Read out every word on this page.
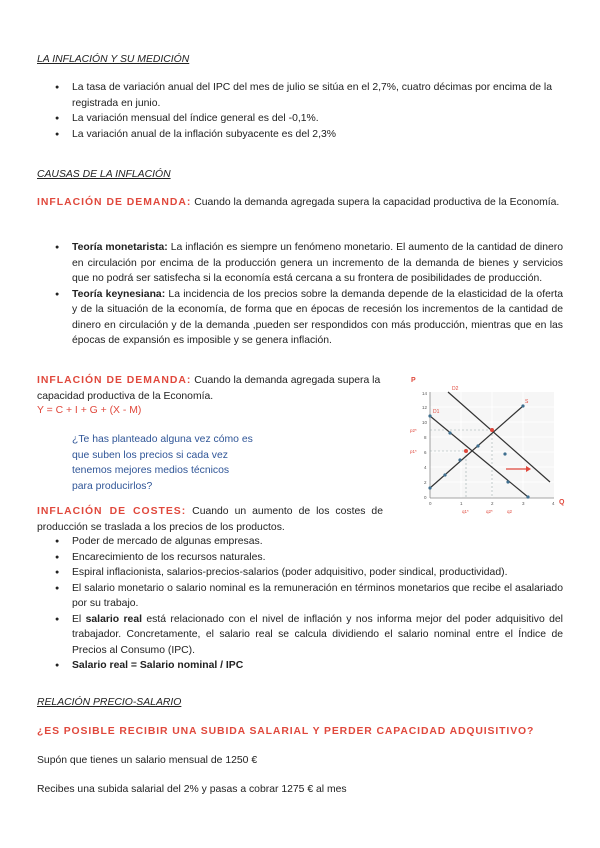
LA INFLACIÓN Y SU MEDICIÓN
● La tasa de variación anual del IPC del mes de julio se sitúa en el 2,7%, cuatro décimas por encima de la registrada en junio.
● La variación mensual del índice general es del -0,1%.
● La variación anual de la inflación subyacente es del 2,3%
CAUSAS DE LA INFLACIÓN
INFLACIÓN DE DEMANDA: Cuando la demanda agregada supera la capacidad productiva de la Economía.
● Teoría monetarista: La inflación es siempre un fenómeno monetario. El aumento de la cantidad de dinero en circulación por encima de la producción genera un incremento de la demanda de bienes y servicios que no podrá ser satisfecha si la economía está cercana a su frontera de posibilidades de producción.
● Teoría keynesiana: La incidencia de los precios sobre la demanda depende de la elasticidad de la oferta y de la situación de la economía, de forma que en épocas de recesión los incrementos de la cantidad de dinero en circulación y de la demanda ,pueden ser respondidos con más producción, mientras que en las épocas de expansión es imposible y se genera inflación.
INFLACIÓN DE DEMANDA: Cuando la demanda agregada supera la capacidad productiva de la Economía.
Y = C + I + G + (X - M)
¿Te has planteado alguna vez cómo es
que suben los precios si cada vez
tenemos mejores medios técnicos
para producirlos?
14
12
10
8
6
4
2
0
0	1	2	3	4
P
Q
D2
D1
S
p2*
p1*
q1*	q2*	q2
INFLACIÓN DE COSTES: Cuando un aumento de los costes de producción se traslada a los precios de los productos.
● Poder de mercado de algunas empresas.
● Encarecimiento de los recursos naturales.
● Espiral inflacionista, salarios-precios-salarios (poder adquisitivo, poder sindical, productividad).
● El salario monetario o salario nominal es la remuneración en términos monetarios que recibe el asalariado por su trabajo.
● El salario real está relacionado con el nivel de inflación y nos informa mejor del poder adquisitivo del trabajador. Concretamente, el salario real se calcula dividiendo el salario nominal entre el Índice de Precios al Consumo (IPC).
● Salario real = Salario nominal / IPC
RELACIÓN PRECIO-SALARIO
¿ES POSIBLE RECIBIR UNA SUBIDA SALARIAL Y PERDER CAPACIDAD ADQUISITIVO?
Supón que tienes un salario mensual de 1250 €
Recibes una subida salarial del 2% y pasas a cobrar 1275 € al mes
